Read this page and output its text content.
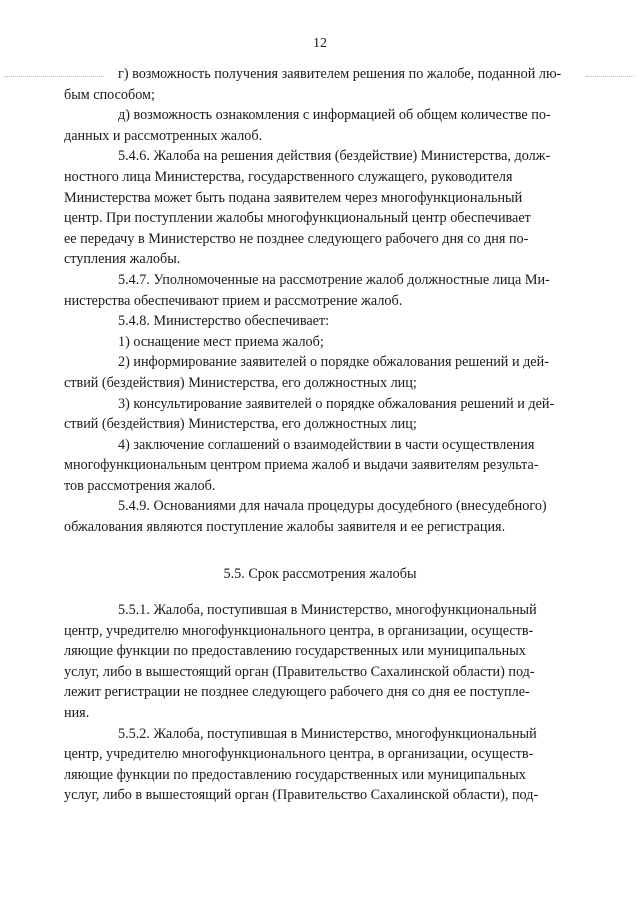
12
г) возможность получения заявителем решения по жалобе, поданной лю-
бым способом;
д) возможность ознакомления с информацией об общем количестве по-
данных и рассмотренных жалоб.
5.4.6. Жалоба на решения действия (бездействие) Министерства, долж-
ностного лица Министерства, государственного служащего, руководителя
Министерства может быть подана заявителем через многофункциональный
центр. При поступлении жалобы многофункциональный центр обеспечивает
ее передачу в Министерство не позднее следующего рабочего дня со дня по-
ступления жалобы.
5.4.7. Уполномоченные на рассмотрение жалоб должностные лица Ми-
нистерства обеспечивают прием и рассмотрение жалоб.
5.4.8. Министерство обеспечивает:
1) оснащение мест приема жалоб;
2) информирование заявителей о порядке обжалования решений и дей-
ствий (бездействия) Министерства, его должностных лиц;
3) консультирование заявителей о порядке обжалования решений и дей-
ствий (бездействия) Министерства, его должностных лиц;
4) заключение соглашений о взаимодействии в части осуществления
многофункциональным центром приема жалоб и выдачи заявителям результа-
тов рассмотрения жалоб.
5.4.9. Основаниями для начала процедуры досудебного (внесудебного)
обжалования являются поступление жалобы заявителя и ее регистрация.
5.5. Срок рассмотрения жалобы
5.5.1. Жалоба, поступившая в Министерство, многофункциональный
центр, учредителю многофункционального центра, в организации, осуществ-
ляющие функции по предоставлению государственных или муниципальных
услуг, либо в вышестоящий орган (Правительство Сахалинской области) под-
лежит регистрации не позднее следующего рабочего дня со дня ее поступле-
ния.
5.5.2. Жалоба, поступившая в Министерство, многофункциональный
центр, учредителю многофункционального центра, в организации, осуществ-
ляющие функции по предоставлению государственных или муниципальных
услуг, либо в вышестоящий орган (Правительство Сахалинской области), под-
